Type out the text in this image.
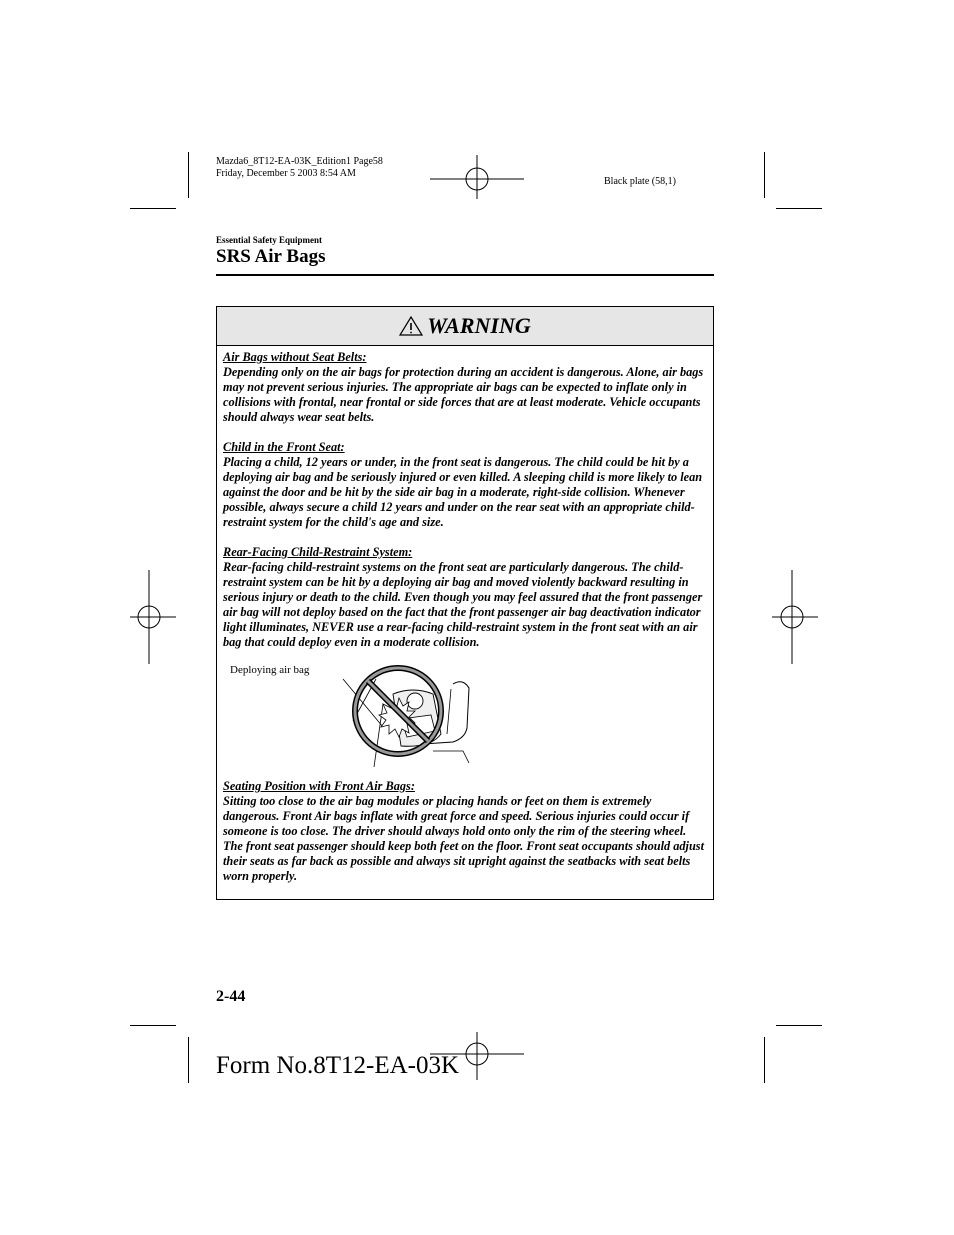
Mazda6_8T12-EA-03K_Edition1 Page58
Friday, December 5 2003 8:54 AM
Black plate (58,1)
Essential Safety Equipment
SRS Air Bags
WARNING
Air Bags without Seat Belts:
Depending only on the air bags for protection during an accident is dangerous. Alone, air bags may not prevent serious injuries. The appropriate air bags can be expected to inflate only in collisions with frontal, near frontal or side forces that are at least moderate. Vehicle occupants should always wear seat belts.
Child in the Front Seat:
Placing a child, 12 years or under, in the front seat is dangerous. The child could be hit by a deploying air bag and be seriously injured or even killed. A sleeping child is more likely to lean against the door and be hit by the side air bag in a moderate, right-side collision. Whenever possible, always secure a child 12 years and under on the rear seat with an appropriate child-restraint system for the child's age and size.
Rear-Facing Child-Restraint System:
Rear-facing child-restraint systems on the front seat are particularly dangerous. The child-restraint system can be hit by a deploying air bag and moved violently backward resulting in serious injury or death to the child. Even though you may feel assured that the front passenger air bag will not deploy based on the fact that the front passenger air bag deactivation indicator light illuminates, NEVER use a rear-facing child-restraint system in the front seat with an air bag that could deploy even in a moderate collision.
Deploying air bag
Seating Position with Front Air Bags:
Sitting too close to the air bag modules or placing hands or feet on them is extremely dangerous. Front Air bags inflate with great force and speed. Serious injuries could occur if someone is too close. The driver should always hold onto only the rim of the steering wheel. The front seat passenger should keep both feet on the floor. Front seat occupants should adjust their seats as far back as possible and always sit upright against the seatbacks with seat belts worn properly.
2-44
Form No.8T12-EA-03K
